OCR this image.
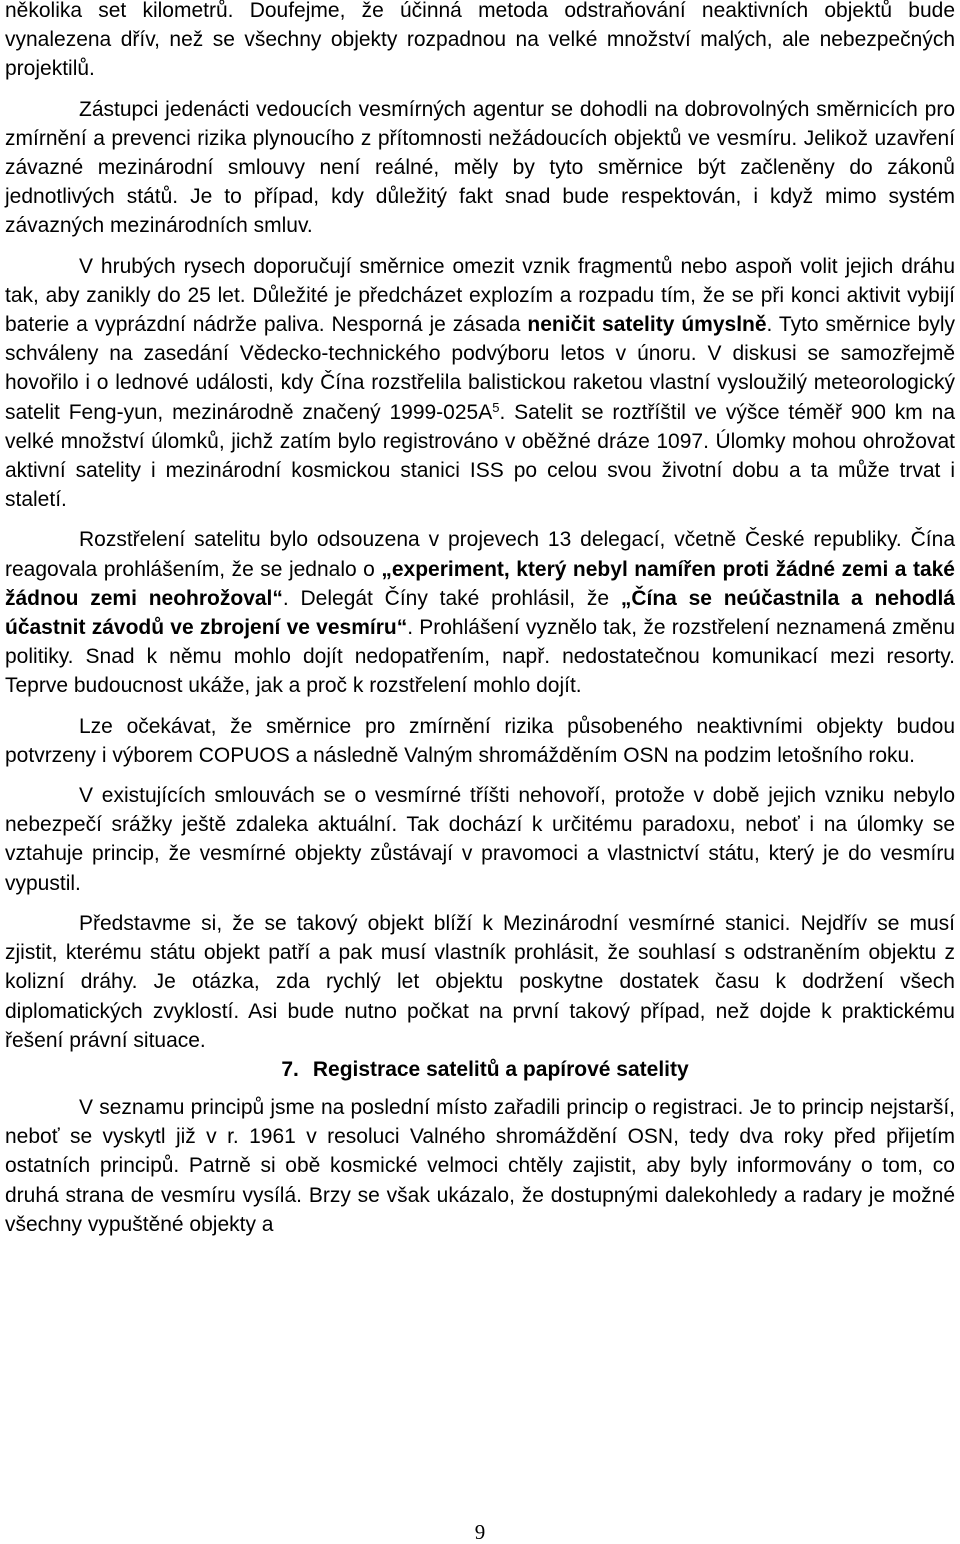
několika set kilometrů. Doufejme, že účinná metoda odstraňování neaktivních objektů bude vynalezena dřív, než se všechny objekty rozpadnou na velké množství malých, ale nebezpečných projektilů.

Zástupci jedenácti vedoucích vesmírných agentur se dohodli na dobrovolných směrnicích pro zmírnění a prevenci rizika plynoucího z přítomnosti nežádoucích objektů ve vesmíru. Jelikož uzavření závazné mezinárodní smlouvy není reálné, měly by tyto směrnice být začleněny do zákonů jednotlivých států. Je to případ, kdy důležitý fakt snad bude respektován, i když mimo systém závazných mezinárodních smluv.

V hrubých rysech doporučují směrnice omezit vznik fragmentů nebo aspoň volit jejich dráhu tak, aby zanikly do 25 let. Důležité je předcházet explozím a rozpadu tím, že se při konci aktivit vybijí baterie a vyprázdní nádrže paliva. Nesporná je zásada neničit satelity úmyslně. Tyto směrnice byly schváleny na zasedání Vědecko-technického podvýboru letos v únoru. V diskusi se samozřejmě hovořilo i o lednové události, kdy Čína rozstřelila balistickou raketou vlastní vysloužilý meteorologický satelit Feng-yun, mezinárodně značený $1999-025A^5$. Satelit se roztříštil ve výšce téměř 900 km na velké množství úlomků, jichž zatím bylo registrováno v oběžné dráze 1097. Úlomky mohou ohrožovat aktivní satelity i mezinárodní kosmickou stanici ISS po celou svou životní dobu a ta může trvat i staletí.

Rozstřelení satelitu bylo odsouzena v projevech 13 delegací, včetně České republiky. Čína reagovala prohlášením, že se jednalo o „experiment, který nebyl namířen proti žádné zemi a také žádnou zemi neohrožoval“. Delegát Číny také prohlásil, že „Čína se neúčastnila a nehodlá účastnit závodů ve zbrojení ve vesmíru“. Prohlášení vyznělo tak, že rozstřelení neznamená změnu politiky. Snad k němu mohlo dojít nedopatřením, např. nedostatečnou komunikací mezi resorty. Teprve budoucnost ukáže, jak a proč k rozstřelení mohlo dojít.

Lze očekávat, že směrnice pro zmírnění rizika působeného neaktivními objekty budou potvrzeny i výborem COPUOS a následně Valným shromážděním OSN na podzim letošního roku.

V existujících smlouvách se o vesmírné tříšti nehovoří, protože v době jejich vzniku nebylo nebezpečí srážky ještě zdaleka aktuální. Tak dochází k určitému paradoxu, neboť i na úlomky se vztahuje princip, že vesmírné objekty zůstávají v pravomoci a vlastnictví státu, který je do vesmíru vypustil.

Představme si, že se takový objekt blíží k Mezinárodní vesmírné stanici. Nejdřív se musí zjistit, kterému státu objekt patří a pak musí vlastník prohlásit, že souhlasí s odstraněním objektu z kolizní dráhy. Je otázka, zda rychlý let objektu poskytne dostatek času k dodržení všech diplomatických zvyklostí. Asi bude nutno počkat na první takový případ, než dojde k praktickému řešení právní situace.

7. Registrace satelitů a papírové satelity

V seznamu principů jsme na poslední místo zařadili princip o registraci. Je to princip nejstarší, neboť se vyskytl již v r. 1961 v resoluci Valného shromáždění OSN, tedy dva roky před přijetím ostatních principů. Patrně si obě kosmické velmoci chtěly zajistit, aby byly informovány o tom, co druhá strana de vesmíru vysílá. Brzy se však ukázalo, že dostupnými dalekohledy a radary je možné všechny vypuštěné objekty a

9
